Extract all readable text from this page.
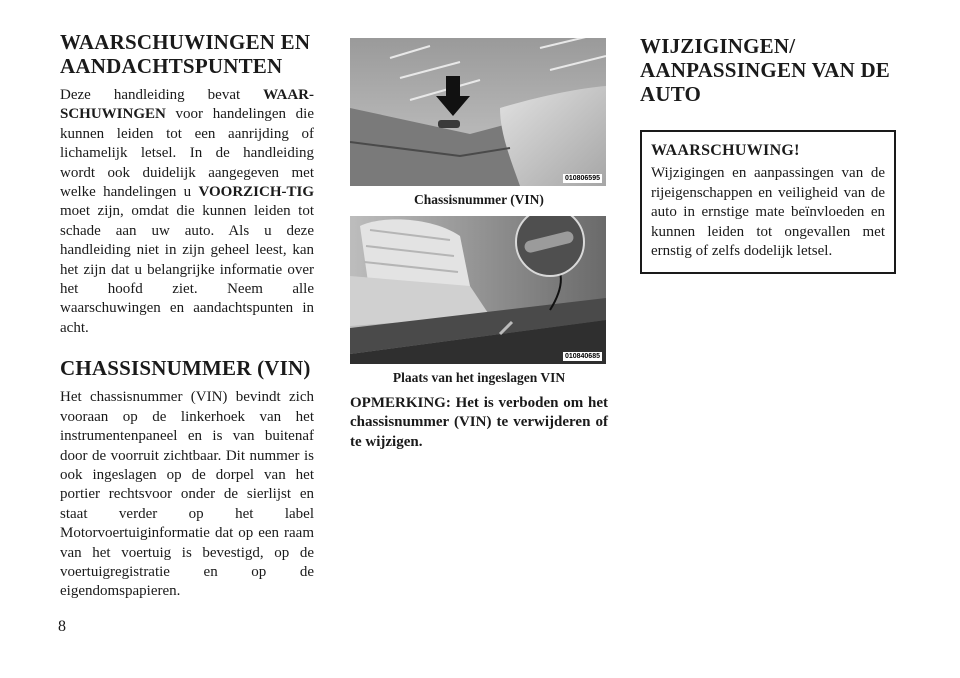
WAARSCHUWINGEN EN AANDACHTSPUNTEN

Deze handleiding bevat WAAR-SCHUWINGEN voor handelingen die kunnen leiden tot een aanrijding of lichamelijk letsel. In de handleiding wordt ook duidelijk aangegeven met welke handelingen u VOORZICH-TIG moet zijn, omdat die kunnen leiden tot schade aan uw auto. Als u deze handleiding niet in zijn geheel leest, kan het zijn dat u belangrijke informatie over het hoofd ziet. Neem alle waarschuwingen en aandachtspunten in acht.

CHASSISNUMMER (VIN)

Het chassisnummer (VIN) bevindt zich vooraan op de linkerhoek van het instrumentenpaneel en is van buitenaf door de voorruit zichtbaar. Dit nummer is ook ingeslagen op de dorpel van het portier rechtsvoor onder de sierlijst en staat verder op het label Motorvoertuiginformatie dat op een raam van het voertuig is bevestigd, op de voertuigregistratie en op de eigendomspapieren.

010806595
Chassisnummer (VIN)
010840685
Plaats van het ingeslagen VIN

OPMERKING: Het is verboden om het chassisnummer (VIN) te verwijderen of te wijzigen.

WIJZIGINGEN/ AANPASSINGEN VAN DE AUTO
WAARSCHUWING!

Wijzigingen en aanpassingen van de rijeigenschappen en veiligheid van de auto in ernstige mate beïnvloeden en kunnen leiden tot ongevallen met ernstig of zelfs dodelijk letsel.

8
